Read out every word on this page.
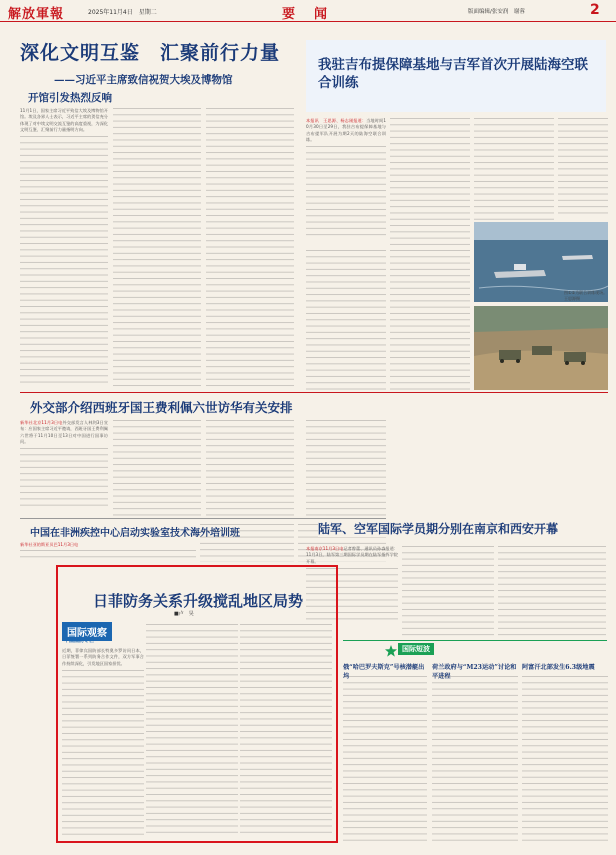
解放軍報	2025年11月4日　星期二	要　闻	版面编辑/张安润　谢蓉	2
深化文明互鉴　汇聚前行力量
——习近平主席致信祝贺大埃及博物馆
开馆引发热烈反响
11月1日，国家主席习近平致信大埃及博物馆开馆。埃及各界人士表示，习近平主席的贺信充分体现了对中埃文明交流互鉴的高度重视，为深化文明互鉴、汇聚前行力量指明方向。
我驻吉布提保障基地与吉军首次开展陆海空联合训练
本报讯　王思源、杨志刚报道：当地时间10月30日至29日，我驻吉布提保障基地与吉布提军队开展为期2天的陆海空联合训练。
图①②为联合训练现场。
王思源摄
外交部介绍西班牙国王费利佩六世访华有关安排
新华社北京11月3日电外交部发言人林剑3日宣布：应国家主席习近平邀请，西班牙国王费利佩六世将于11月10日至13日对中国进行国事访问。
中国在非洲疾控中心启动实验室技术海外培训班
新华社亚的斯亚贝巴11月3日电
陆军、空军国际学员期分别在南京和西安开幕
本报南京11月3日电记者曾蕾、通讯员孙淼报道：11月3日，陆军第三期国际学员期在陆军指挥学院开幕。
日菲防务关系升级搅乱地区局势
■卢　昊
国际观察
中国国防专栏
近期，菲律宾国防部长特奥多罗访问日本，日菲签署一系列防务合作文件，双方军事合作持续深化，引发地区国家担忧。
国际短波
俄“哈巴罗夫斯克”号核潜艇出坞
荷兰政府与“M23运动”讨论和平进程
阿富汗北部发生6.3级地震
